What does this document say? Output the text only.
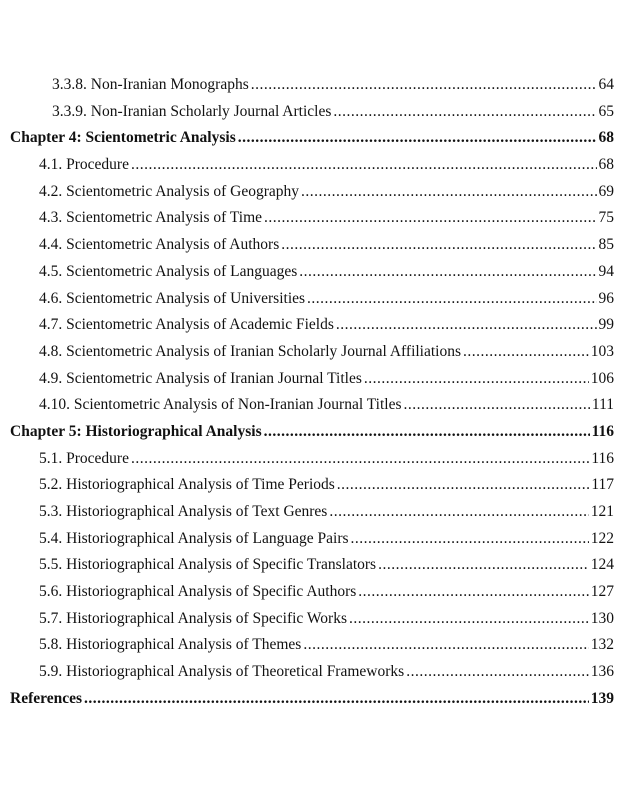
3.3.8. Non-Iranian Monographs .....	64
3.3.9. Non-Iranian Scholarly Journal Articles .....	65
Chapter 4: Scientometric Analysis .....	68
4.1. Procedure .....	68
4.2. Scientometric Analysis of Geography .....	69
4.3. Scientometric Analysis of Time .....	75
4.4. Scientometric Analysis of Authors .....	85
4.5. Scientometric Analysis of Languages .....	94
4.6. Scientometric Analysis of Universities .....	96
4.7. Scientometric Analysis of Academic Fields .....	99
4.8. Scientometric Analysis of Iranian Scholarly Journal Affiliations .....	103
4.9. Scientometric Analysis of Iranian Journal Titles .....	106
4.10. Scientometric Analysis of Non-Iranian Journal Titles .....	111
Chapter 5: Historiographical Analysis .....	116
5.1. Procedure .....	116
5.2. Historiographical Analysis of Time Periods .....	117
5.3. Historiographical Analysis of Text Genres .....	121
5.4. Historiographical Analysis of Language Pairs .....	122
5.5. Historiographical Analysis of Specific Translators .....	124
5.6. Historiographical Analysis of Specific Authors .....	127
5.7. Historiographical Analysis of Specific Works .....	130
5.8. Historiographical Analysis of Themes .....	132
5.9. Historiographical Analysis of Theoretical Frameworks .....	136
References .....	139
